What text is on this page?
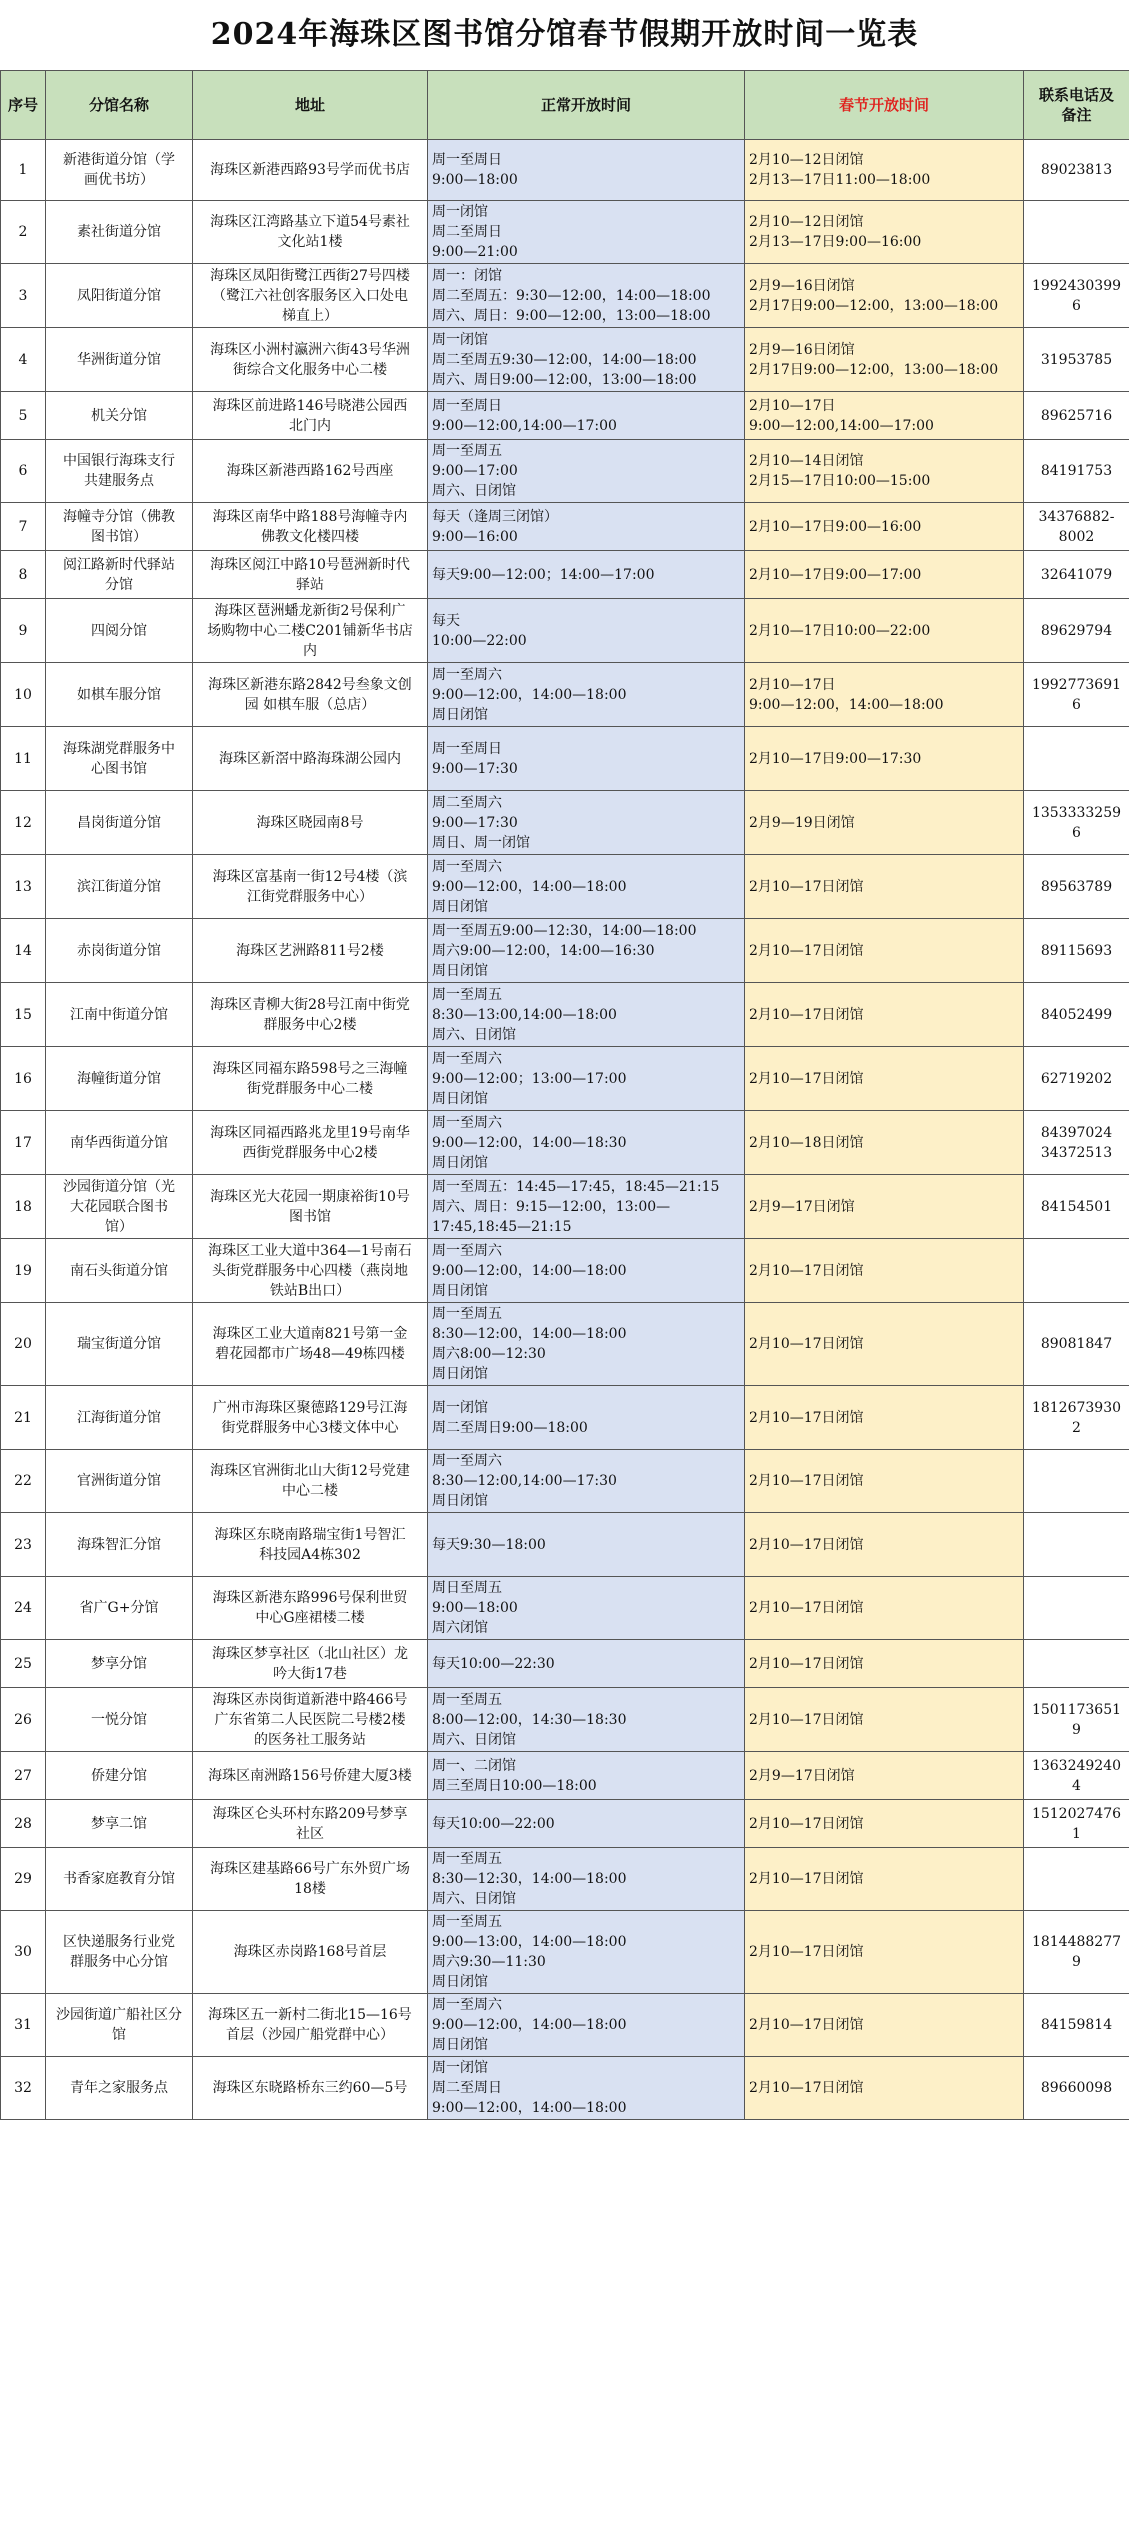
2024年海珠区图书馆分馆春节假期开放时间一览表
序号	分馆名称	地址	正常开放时间	春节开放时间	联系电话及
备注
1	新港街道分馆（学
画优书坊）	海珠区新港西路93号学而优书店	周一至周日
9:00—18:00	2月10—12日闭馆
2月13—17日11:00—18:00	89023813
2	素社街道分馆	海珠区江湾路基立下道54号素社
文化站1楼	周一闭馆
周二至周日
9:00—21:00	2月10—12日闭馆
2月13—17日9:00—16:00	
3	凤阳街道分馆	海珠区凤阳街鹭江西街27号四楼
（鹭江六社创客服务区入口处电
梯直上）	周一：闭馆
周二至周五：9:30—12:00，14:00—18:00
周六、周日：9:00—12:00，13:00—18:00	2月9—16日闭馆
2月17日9:00—12:00，13:00—18:00	19924303996
4	华洲街道分馆	海珠区小洲村瀛洲六街43号华洲
街综合文化服务中心二楼	周一闭馆
周二至周五9:30—12:00，14:00—18:00
周六、周日9:00—12:00，13:00—18:00	2月9—16日闭馆
2月17日9:00—12:00，13:00—18:00	31953785
5	机关分馆	海珠区前进路146号晓港公园西
北门内	周一至周日
9:00—12:00,14:00—17:00	2月10—17日
9:00—12:00,14:00—17:00	89625716
6	中国银行海珠支行
共建服务点	海珠区新港西路162号西座	周一至周五
9:00—17:00
周六、日闭馆	2月10—14日闭馆
2月15—17日10:00—15:00	84191753
7	海幢寺分馆（佛教
图书馆）	海珠区南华中路188号海幢寺内
佛教文化楼四楼	每天（逢周三闭馆）
9:00—16:00	2月10—17日9:00—16:00	34376882-
8002
8	阅江路新时代驿站
分馆	海珠区阅江中路10号琶洲新时代
驿站	每天9:00—12:00；14:00—17:00	2月10—17日9:00—17:00	32641079
9	四阅分馆	海珠区琶洲蟠龙新街2号保利广
场购物中心二楼C201铺新华书店
内	每天
10:00—22:00	2月10—17日10:00—22:00	89629794
10	如棋车服分馆	海珠区新港东路2842号叁象文创
园 如棋车服（总店）	周一至周六
9:00—12:00，14:00—18:00
周日闭馆	2月10—17日
9:00—12:00，14:00—18:00	19927736916
11	海珠湖党群服务中
心图书馆	海珠区新滘中路海珠湖公园内	周一至周日
9:00—17:30	2月10—17日9:00—17:30	
12	昌岗街道分馆	海珠区晓园南8号	周二至周六
9:00—17:30
周日、周一闭馆	2月9—19日闭馆	13533332596
13	滨江街道分馆	海珠区富基南一街12号4楼（滨
江街党群服务中心）	周一至周六
9:00—12:00，14:00—18:00
周日闭馆	2月10—17日闭馆	89563789
14	赤岗街道分馆	海珠区艺洲路811号2楼	周一至周五9:00—12:30，14:00—18:00
周六9:00—12:00，14:00—16:30
周日闭馆	2月10—17日闭馆	89115693
15	江南中街道分馆	海珠区青柳大街28号江南中街党
群服务中心2楼	周一至周五
8:30—13:00,14:00—18:00
周六、日闭馆	2月10—17日闭馆	84052499
16	海幢街道分馆	海珠区同福东路598号之三海幢
街党群服务中心二楼	周一至周六
9:00—12:00；13:00—17:00
周日闭馆	2月10—17日闭馆	62719202
17	南华西街道分馆	海珠区同福西路兆龙里19号南华
西街党群服务中心2楼	周一至周六
9:00—12:00，14:00—18:30
周日闭馆	2月10—18日闭馆	84397024
34372513
18	沙园街道分馆（光
大花园联合图书
馆）	海珠区光大花园一期康裕街10号
图书馆	周一至周五：14:45—17:45，18:45—21:15
周六、周日：9:15—12:00，13:00—
17:45,18:45—21:15	2月9—17日闭馆	84154501
19	南石头街道分馆	海珠区工业大道中364—1号南石
头街党群服务中心四楼（燕岗地
铁站B出口）	周一至周六
9:00—12:00，14:00—18:00
周日闭馆	2月10—17日闭馆	
20	瑞宝街道分馆	海珠区工业大道南821号第一金
碧花园都市广场48—49栋四楼	周一至周五
8:30—12:00，14:00—18:00
周六8:00—12:30
周日闭馆	2月10—17日闭馆	89081847
21	江海街道分馆	广州市海珠区聚德路129号江海
街党群服务中心3楼文体中心	周一闭馆
周二至周日9:00—18:00	2月10—17日闭馆	18126739302
22	官洲街道分馆	海珠区官洲街北山大街12号党建
中心二楼	周一至周六
8:30—12:00,14:00—17:30
周日闭馆	2月10—17日闭馆	
23	海珠智汇分馆	海珠区东晓南路瑞宝街1号智汇
科技园A4栋302	每天9:30—18:00	2月10—17日闭馆	
24	省广G+分馆	海珠区新港东路996号保利世贸
中心G座裙楼二楼	周日至周五
9:00—18:00
周六闭馆	2月10—17日闭馆	
25	梦享分馆	海珠区梦享社区（北山社区）龙
吟大街17巷	每天10:00—22:30	2月10—17日闭馆	
26	一悦分馆	海珠区赤岗街道新港中路466号
广东省第二人民医院二号楼2楼
的医务社工服务站	周一至周五
8:00—12:00，14:30—18:30
周六、日闭馆	2月10—17日闭馆	15011736519
27	侨建分馆	海珠区南洲路156号侨建大厦3楼	周一、二闭馆
周三至周日10:00—18:00	2月9—17日闭馆	13632492404
28	梦享二馆	海珠区仑头环村东路209号梦享
社区	每天10:00—22:00	2月10—17日闭馆	15120274761
29	书香家庭教育分馆	海珠区建基路66号广东外贸广场
18楼	周一至周五
8:30—12:30，14:00—18:00
周六、日闭馆	2月10—17日闭馆	
30	区快递服务行业党
群服务中心分馆	海珠区赤岗路168号首层	周一至周五
9:00—13:00，14:00—18:00
周六9:30—11:30
周日闭馆	2月10—17日闭馆	18144882779
31	沙园街道广船社区分
馆	海珠区五一新村二街北15—16号
首层（沙园广船党群中心）	周一至周六
9:00—12:00，14:00—18:00
周日闭馆	2月10—17日闭馆	84159814
32	青年之家服务点	海珠区东晓路桥东三约60—5号	周一闭馆
周二至周日
9:00—12:00，14:00—18:00	2月10—17日闭馆	89660098
